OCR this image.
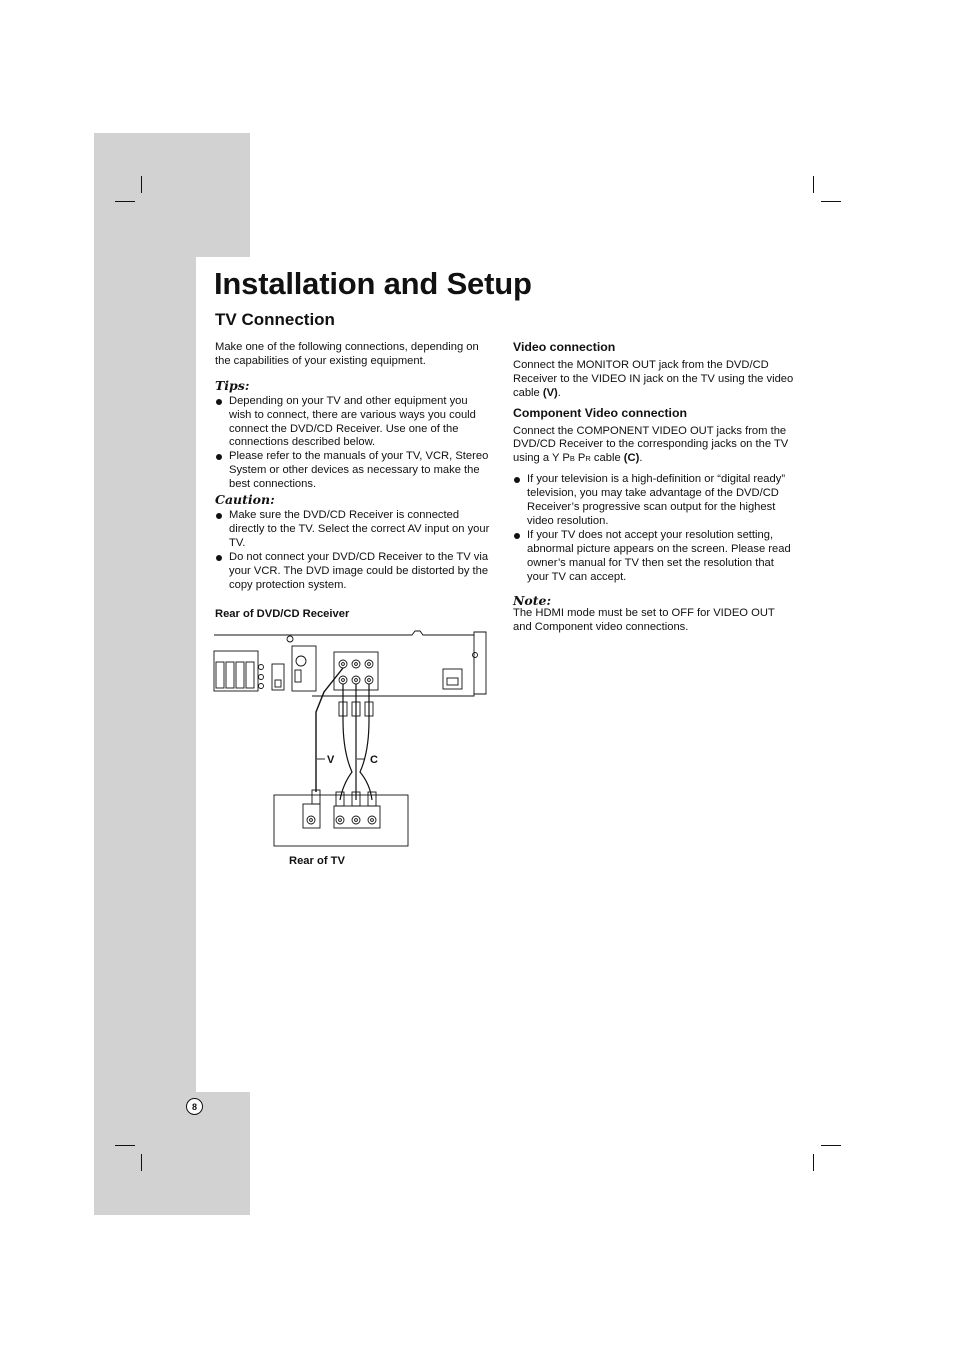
Installation and Setup
TV Connection

Make one of the following connections, depending on the capabilities of your existing equipment.

Tips:

Depending on your TV and other equipment you wish to connect, there are various ways you could connect the DVD/CD Receiver. Use one of the connections described below.
Please refer to the manuals of your TV, VCR, Stereo System or other devices as necessary to make the best connections.

Caution:

Make sure the DVD/CD Receiver is connected directly to the TV. Select the correct AV input on your TV.
Do not connect your DVD/CD Receiver to the TV via your VCR. The DVD image could be distorted by the copy protection system.
Rear of DVD/CD Receiver
V	C
Rear of TV

Video connection

Connect the MONITOR OUT jack from the DVD/CD Receiver to the VIDEO IN jack on the TV using the video cable (V).

Component Video connection

Connect the COMPONENT VIDEO OUT jacks from the DVD/CD Receiver to the corresponding jacks on the TV using a Y PB PR cable (C).

If your television is a high-definition or “digital ready” television, you may take advantage of the DVD/CD Receiver’s progressive scan output for the highest video resolution.
If your TV does not accept your resolution setting, abnormal picture appears on the screen. Please read owner’s manual for TV then set the resolution that your TV can accept.

Note:

The HDMI mode must be set to OFF for VIDEO OUT and Component video connections.

8
